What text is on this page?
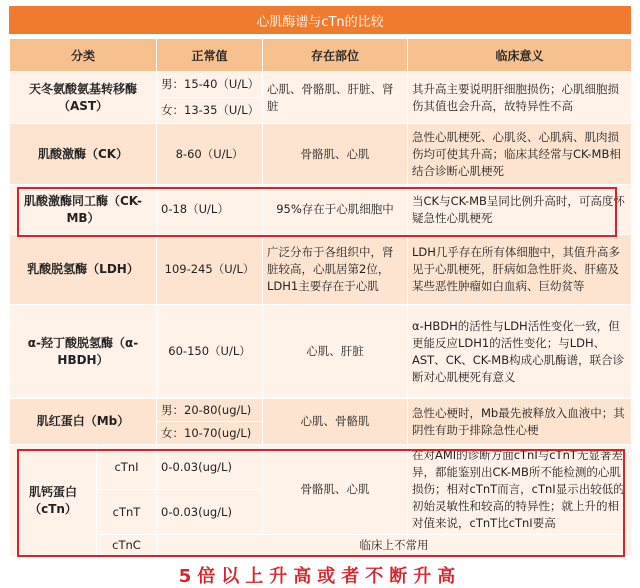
心肌酶谱与cTn的比较
分类		正常值	存在部位	临床意义
天冬氨酸氨基转移酶（AST）		男：15-40（U/L）	心肌、骨骼肌、肝脏、肾脏	其升高主要说明肝细胞损伤；心肌细胞损伤其值也会升高，故特异性不高
		女：13-35（U/L）		
肌酸激酶（CK）		8-60（U/L）	骨骼肌、心肌	急性心肌梗死、心肌炎、心肌病、肌肉损伤均可使其升高；临床其经常与CK-MB相结合诊断心肌梗死
肌酸激酶同工酶（CK-MB）		0-18（U/L）	95%存在于心肌细胞中	当CK与CK-MB呈同比例升高时，可高度怀疑急性心肌梗死
乳酸脱氢酶（LDH）		109-245（U/L）	广泛分布于各组织中，肾脏较高，心肌居第2位，LDH1主要存在于心肌	LDH几乎存在所有体细胞中，其值升高多见于心肌梗死，肝病如急性肝炎、肝癌及某些恶性肿瘤如白血病、巨幼贫等
α-羟丁酸脱氢酶（α-HBDH）		60-150（U/L）	心肌、肝脏	α-HBDH的活性与LDH活性变化一致，但更能反应LDH1的活性变化；与LDH、AST、CK、CK-MB构成心肌酶谱，联合诊断对心肌梗死有意义
肌红蛋白（Mb）		男：20-80(ug/L)	心肌、骨骼肌	急性心梗时，Mb最先被释放入血液中；其阴性有助于排除急性心梗
		女：10-70(ug/L)		
肌钙蛋白（cTn）	cTnI	0-0.03(ug/L)	骨骼肌、心肌	在对AMI的诊断方面cTnI与cTnT无显著差异，都能鉴别出CK-MB所不能检测的心肌损伤；相对cTnT而言，cTnI显示出较低的初始灵敏性和较高的特异性；就上升的相对值来说，cTnT比cTnI要高
	cTnT	0-0.03(ug/L)		
	cTnC	临床上不常用		
5倍以上升高或者不断升高
